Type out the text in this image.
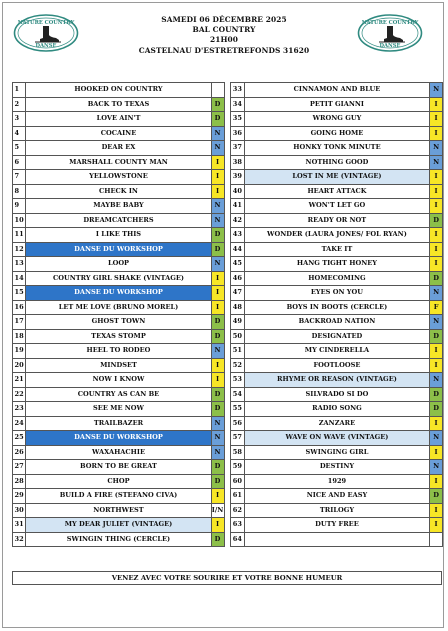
NATURE COUNTRY
DANSE
NATURE COUNTRY
DANSE
SAMEDI 06 DÉCEMBRE 2025
BAL COUNTRY
21H00
CASTELNAU D'ESTRETREFONDS 31620
1	HOOKED ON COUNTRY			33	CINNAMON AND BLUE	N
2	BACK TO TEXAS	D		34	PETIT GIANNI	I
3	LOVE AIN'T	D		35	WRONG GUY	I
4	COCAINE	N		36	GOING HOME	I
5	DEAR EX	N		37	HONKY TONK MINUTE	N
6	MARSHALL COUNTY MAN	I		38	NOTHING GOOD	N
7	YELLOWSTONE	I		39	LOST IN ME (VINTAGE)	I
8	CHECK IN	I		40	HEART ATTACK	I
9	MAYBE BABY	N		41	WON'T LET GO	I
10	DREAMCATCHERS	N		42	READY OR NOT	D
11	I LIKE THIS	D		43	WONDER (LAURA JONES/ FOL RYAN)	I
12	DANSE DU WORKSHOP	D		44	TAKE IT	I
13	LOOP	N		45	HANG TIGHT HONEY	I
14	COUNTRY GIRL SHAKE (VINTAGE)	I		46	HOMECOMING	D
15	DANSE DU WORKSHOP	I		47	EYES ON YOU	N
16	LET ME LOVE (BRUNO MOREL)	I		48	BOYS IN BOOTS (CERCLE)	F
17	GHOST TOWN	D		49	BACKROAD NATION	N
18	TEXAS STOMP	D		50	DESIGNATED	D
19	HEEL TO RODEO	N		51	MY CINDERELLA	I
20	MINDSET	I		52	FOOTLOOSE	I
21	NOW I KNOW	I		53	RHYME OR REASON (VINTAGE)	N
22	COUNTRY AS CAN BE	D		54	SILVRADO SI DO	D
23	SEE ME NOW	D		55	RADIO SONG	D
24	TRAILBAZER	N		56	ZANZARE	I
25	DANSE DU WORKSHOP	N		57	WAVE ON WAVE (VINTAGE)	N
26	WAXAHACHIE	N		58	SWINGING GIRL	I
27	BORN TO BE GREAT	D		59	DESTINY	N
28	CHOP	D		60	1929	I
29	BUILD A FIRE (STEFANO CIVA)	I		61	NICE AND EASY	D
30	NORTHWEST	I/N		62	TRILOGY	I
31	MY DEAR JULIET (VINTAGE)	I		63	DUTY FREE	I
32	SWINGIN THING (CERCLE)	D		64		
VENEZ AVEC VOTRE SOURIRE ET VOTRE BONNE HUMEUR
